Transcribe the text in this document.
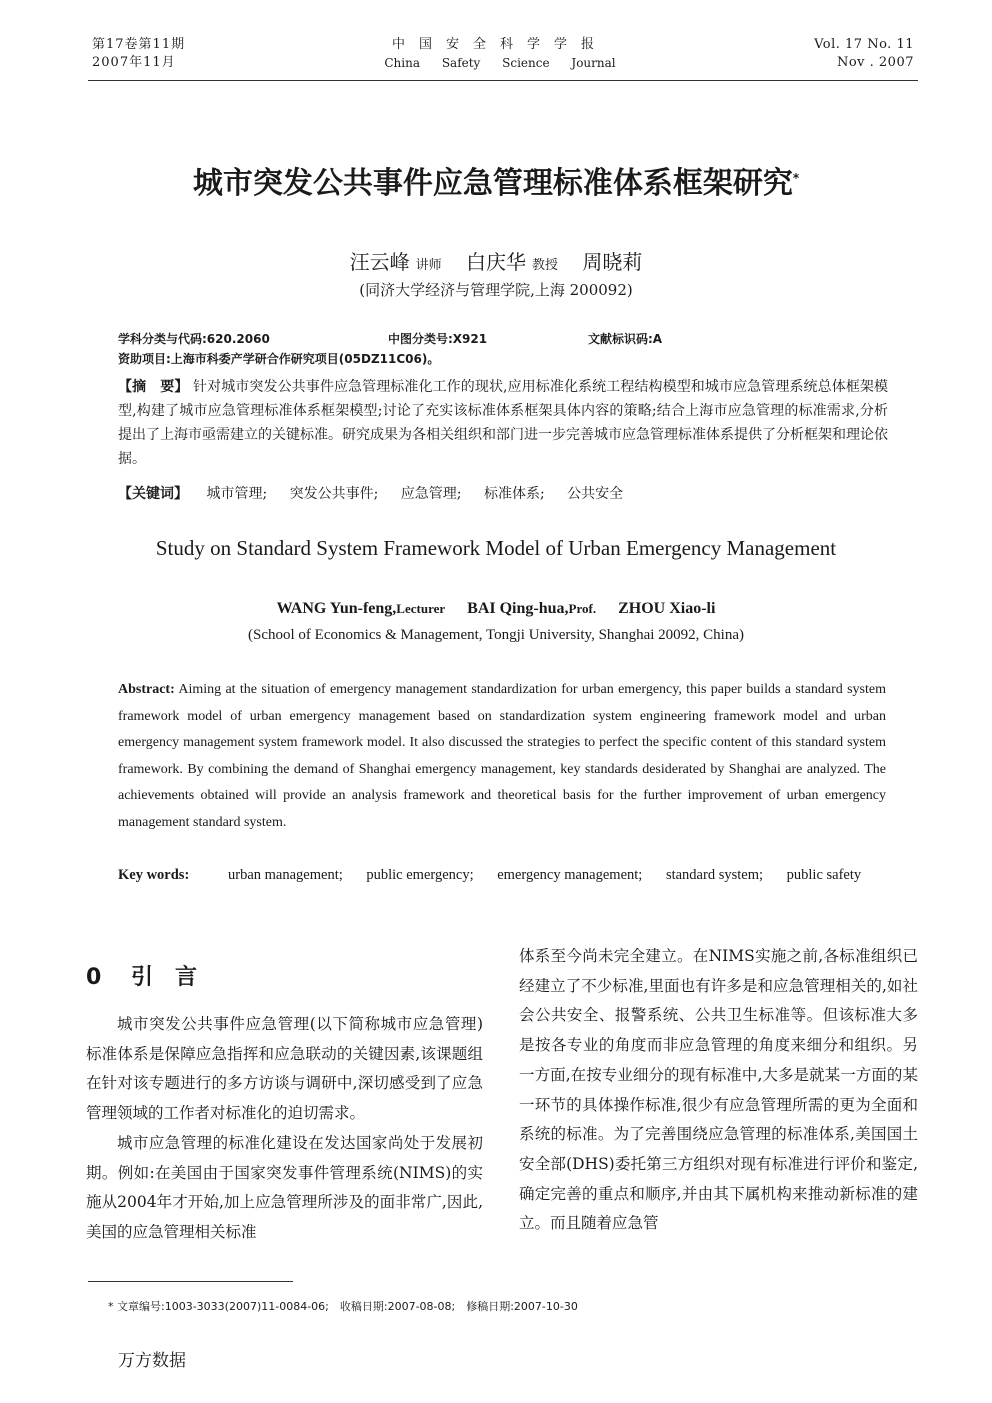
第17卷第11期
2007年11月
中国安全科学学报
China Safety Science Journal
Vol. 17 No. 11
Nov . 2007
城市突发公共事件应急管理标准体系框架研究*
汪云峰 讲师 白庆华 教授 周晓莉
(同济大学经济与管理学院,上海 200092)
学科分类与代码:620.2060	中图分类号:X921	文献标识码:A
资助项目:上海市科委产学研合作研究项目(05DZ11C06)。
【摘　要】 针对城市突发公共事件应急管理标准化工作的现状,应用标准化系统工程结构模型和城市应急管理系统总体框架模型,构建了城市应急管理标准体系框架模型;讨论了充实该标准体系框架具体内容的策略;结合上海市应急管理的标准需求,分析提出了上海市亟需建立的关键标准。研究成果为各相关组织和部门进一步完善城市应急管理标准体系提供了分析框架和理论依据。
【关键词】 城市管理; 突发公共事件; 应急管理; 标准体系; 公共安全
Study on Standard System Framework Model of Urban Emergency Management
WANG Yun-feng,Lecturer BAI Qing-hua,Prof. ZHOU Xiao-li
(School of Economics & Management, Tongji University, Shanghai 20092, China)
Abstract: Aiming at the situation of emergency management standardization for urban emergency, this paper builds a standard system framework model of urban emergency management based on standardization system engineering framework model and urban emergency management system framework model. It also discussed the strategies to perfect the specific content of this standard system framework. By combining the demand of Shanghai emergency management, key standards desiderated by Shanghai are analyzed. The achievements obtained will provide an analysis framework and theoretical basis for the further improvement of urban emergency management standard system.
Key words:	urban management; public emergency; emergency management; standard system; public safety
0 引　言
城市突发公共事件应急管理(以下简称城市应急管理)标准体系是保障应急指挥和应急联动的关键因素,该课题组在针对该专题进行的多方访谈与调研中,深切感受到了应急管理领域的工作者对标准化的迫切需求。
城市应急管理的标准化建设在发达国家尚处于发展初期。例如:在美国由于国家突发事件管理系统(NIMS)的实施从2004年才开始,加上应急管理所涉及的面非常广,因此,美国的应急管理相关标准
体系至今尚未完全建立。在NIMS实施之前,各标准组织已经建立了不少标准,里面也有许多是和应急管理相关的,如社会公共安全、报警系统、公共卫生标准等。但该标准大多是按各专业的角度而非应急管理的角度来细分和组织。另一方面,在按专业细分的现有标准中,大多是就某一方面的某一环节的具体操作标准,很少有应急管理所需的更为全面和系统的标准。为了完善围绕应急管理的标准体系,美国国土安全部(DHS)委托第三方组织对现有标准进行评价和鉴定,确定完善的重点和顺序,并由其下属机构来推动新标准的建立。而且随着应急管
* 文章编号:1003-3033(2007)11-0084-06;　收稿日期:2007-08-08;　修稿日期:2007-10-30
万方数据
